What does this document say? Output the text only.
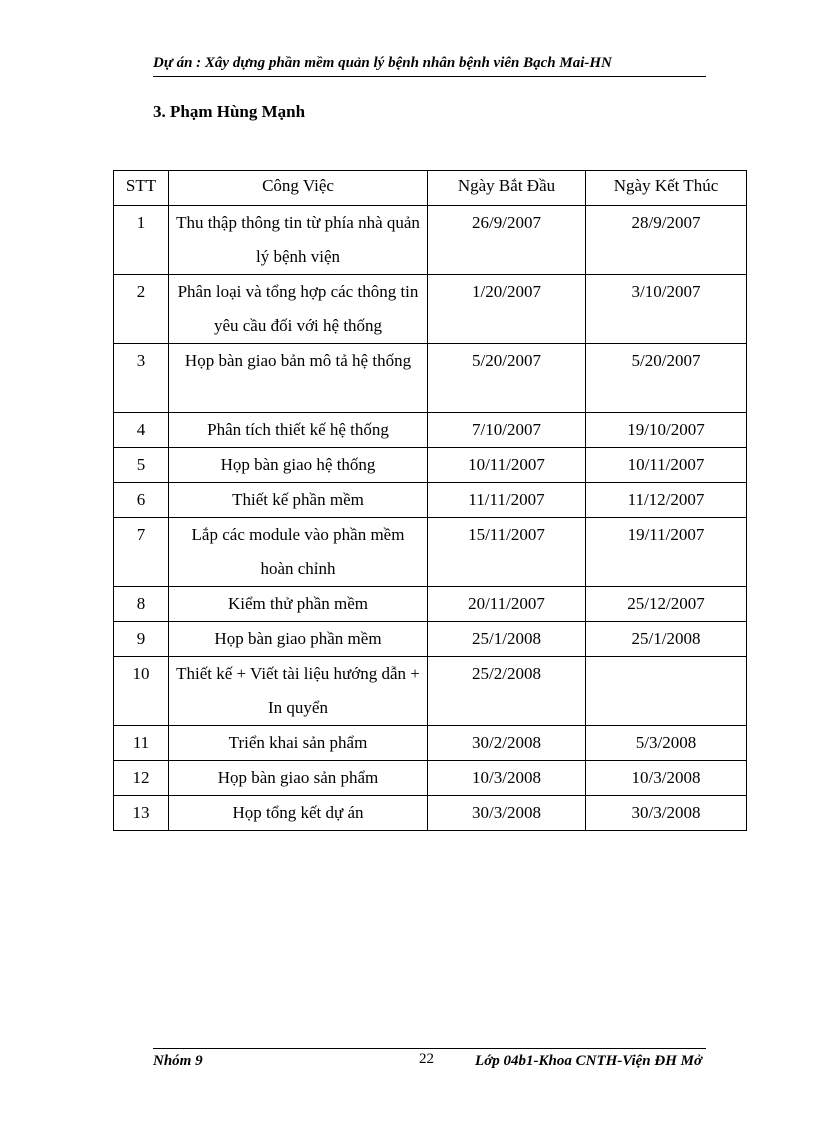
Dự án : Xây dựng phần mềm quản lý bệnh nhân bệnh viên Bạch Mai-HN
3. Phạm Hùng Mạnh
STT	Công Việc	Ngày Bắt Đầu	Ngày Kết Thúc
1	Thu thập thông tin từ phía nhà quản lý bệnh viện	26/9/2007	28/9/2007
2	Phân loại và tổng hợp các thông tin yêu cầu đối với hệ thống	1/20/2007	3/10/2007
3	Họp bàn giao bản mô tả hệ thống	5/20/2007	5/20/2007
4	Phân tích thiết kế hệ thống	7/10/2007	19/10/2007
5	Họp bàn giao hệ thống	10/11/2007	10/11/2007
6	Thiết kế phần mềm	11/11/2007	11/12/2007
7	Lắp các module vào phần mềm hoàn chỉnh	15/11/2007	19/11/2007
8	Kiểm thử phần mềm	20/11/2007	25/12/2007
9	Họp bàn giao phần mềm	25/1/2008	25/1/2008
10	Thiết kế + Viết tài liệu hướng dẫn + In quyển	25/2/2008	
11	Triển khai sản phẩm	30/2/2008	5/3/2008
12	Họp bàn giao sản phẩm	10/3/2008	10/3/2008
13	Họp tổng kết dự án	30/3/2008	30/3/2008
Nhóm 9	22	Lớp 04b1-Khoa CNTH-Viện ĐH Mở
